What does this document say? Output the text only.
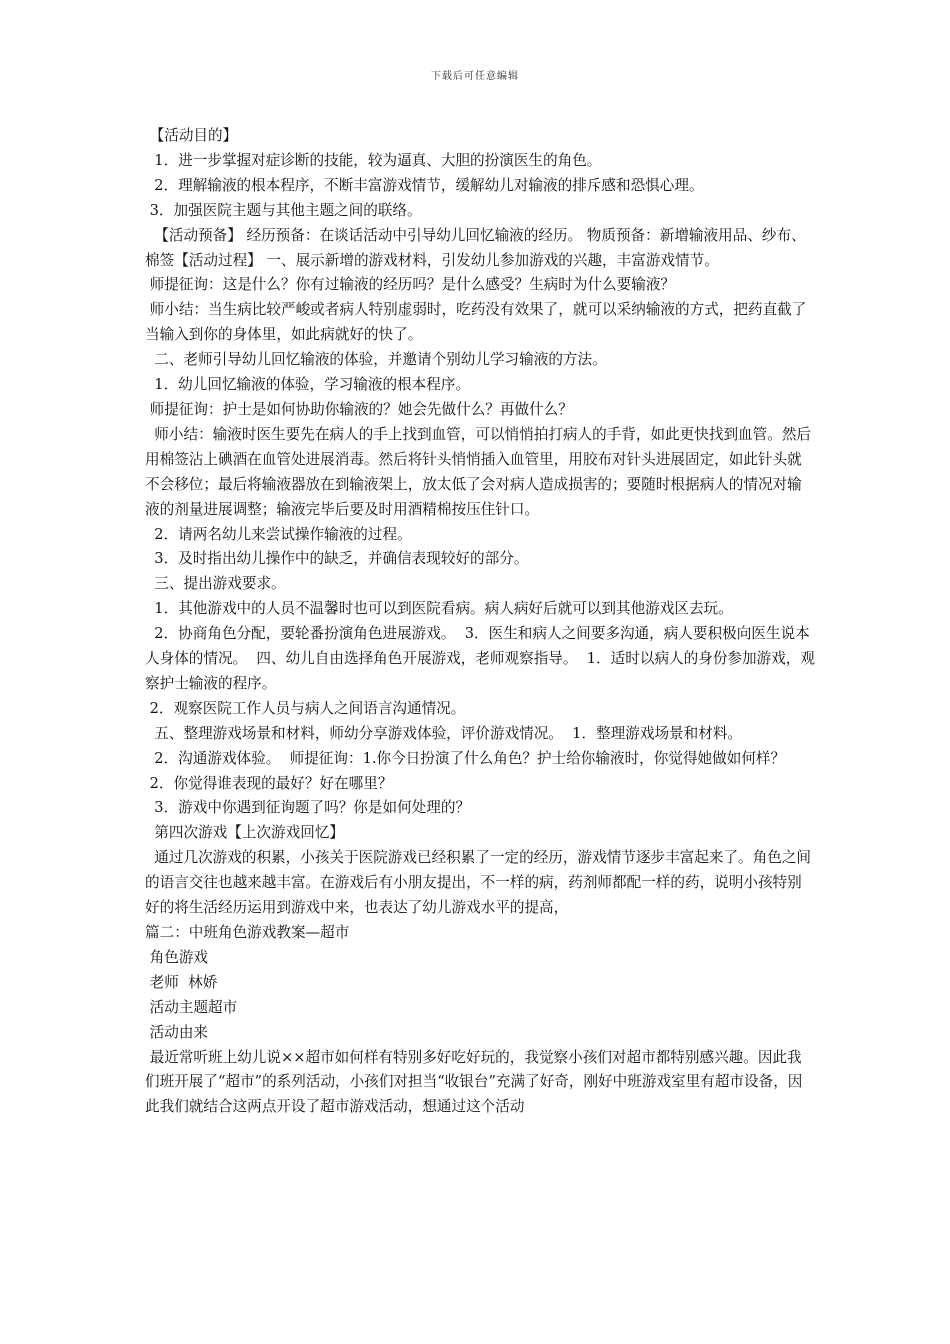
下载后可任意编辑

【活动目的】

1．进一步掌握对症诊断的技能，较为逼真、大胆的扮演医生的角色。

2．理解输液的根本程序，不断丰富游戏情节，缓解幼儿对输液的排斥感和恐惧心理。

3．加强医院主题与其他主题之间的联络。

【活动预备】 经历预备：在谈话活动中引导幼儿回忆输液的经历。 物质预备：新增输液用品、纱布、棉签【活动过程】 一、展示新增的游戏材料，引发幼儿参加游戏的兴趣，丰富游戏情节。

师提征询：这是什么？你有过输液的经历吗？是什么感受？生病时为什么要输液？

师小结：当生病比较严峻或者病人特别虚弱时，吃药没有效果了，就可以采纳输液的方式，把药直截了当输入到你的身体里，如此病就好的快了。

二、老师引导幼儿回忆输液的体验，并邀请个别幼儿学习输液的方法。

1．幼儿回忆输液的体验，学习输液的根本程序。

师提征询：护士是如何协助你输液的？她会先做什么？再做什么？

师小结：输液时医生要先在病人的手上找到血管，可以悄悄拍打病人的手背，如此更快找到血管。然后用棉签沾上碘酒在血管处进展消毒。然后将针头悄悄插入血管里，用胶布对针头进展固定，如此针头就不会移位；最后将输液器放在到输液架上，放太低了会对病人造成损害的；要随时根据病人的情况对输液的剂量进展调整；输液完毕后要及时用酒精棉按压住针口。

2．请两名幼儿来尝试操作输液的过程。

3．及时指出幼儿操作中的缺乏，并确信表现较好的部分。

三、提出游戏要求。

1．其他游戏中的人员不温馨时也可以到医院看病。病人病好后就可以到其他游戏区去玩。

2．协商角色分配，要轮番扮演角色进展游戏。  3．医生和病人之间要多沟通，病人要积极向医生说本人身体的情况。  四、幼儿自由选择角色开展游戏，老师观察指导。  1．适时以病人的身份参加游戏，观察护士输液的程序。

2．观察医院工作人员与病人之间语言沟通情况。

五、整理游戏场景和材料，师幼分享游戏体验，评价游戏情况。  1．整理游戏场景和材料。

2．沟通游戏体验。  师提征询：1.你今日扮演了什么角色？护士给你输液时，你觉得她做如何样？

2．你觉得谁表现的最好？好在哪里？

3．游戏中你遇到征询题了吗？你是如何处理的？

第四次游戏【上次游戏回忆】

通过几次游戏的积累，小孩关于医院游戏已经积累了一定的经历，游戏情节逐步丰富起来了。角色之间的语言交往也越来越丰富。在游戏后有小朋友提出，不一样的病，药剂师都配一样的药，说明小孩特别好的将生活经历运用到游戏中来，也表达了幼儿游戏水平的提高，

篇二：中班角色游戏教案—超市

角色游戏

老师  林娇

活动主题超市

活动由来

最近常听班上幼儿说××超市如何样有特别多好吃好玩的，我觉察小孩们对超市都特别感兴趣。因此我们班开展了“超市”的系列活动，小孩们对担当“收银台”充满了好奇，刚好中班游戏室里有超市设备，因此我们就结合这两点开设了超市游戏活动，想通过这个活动
